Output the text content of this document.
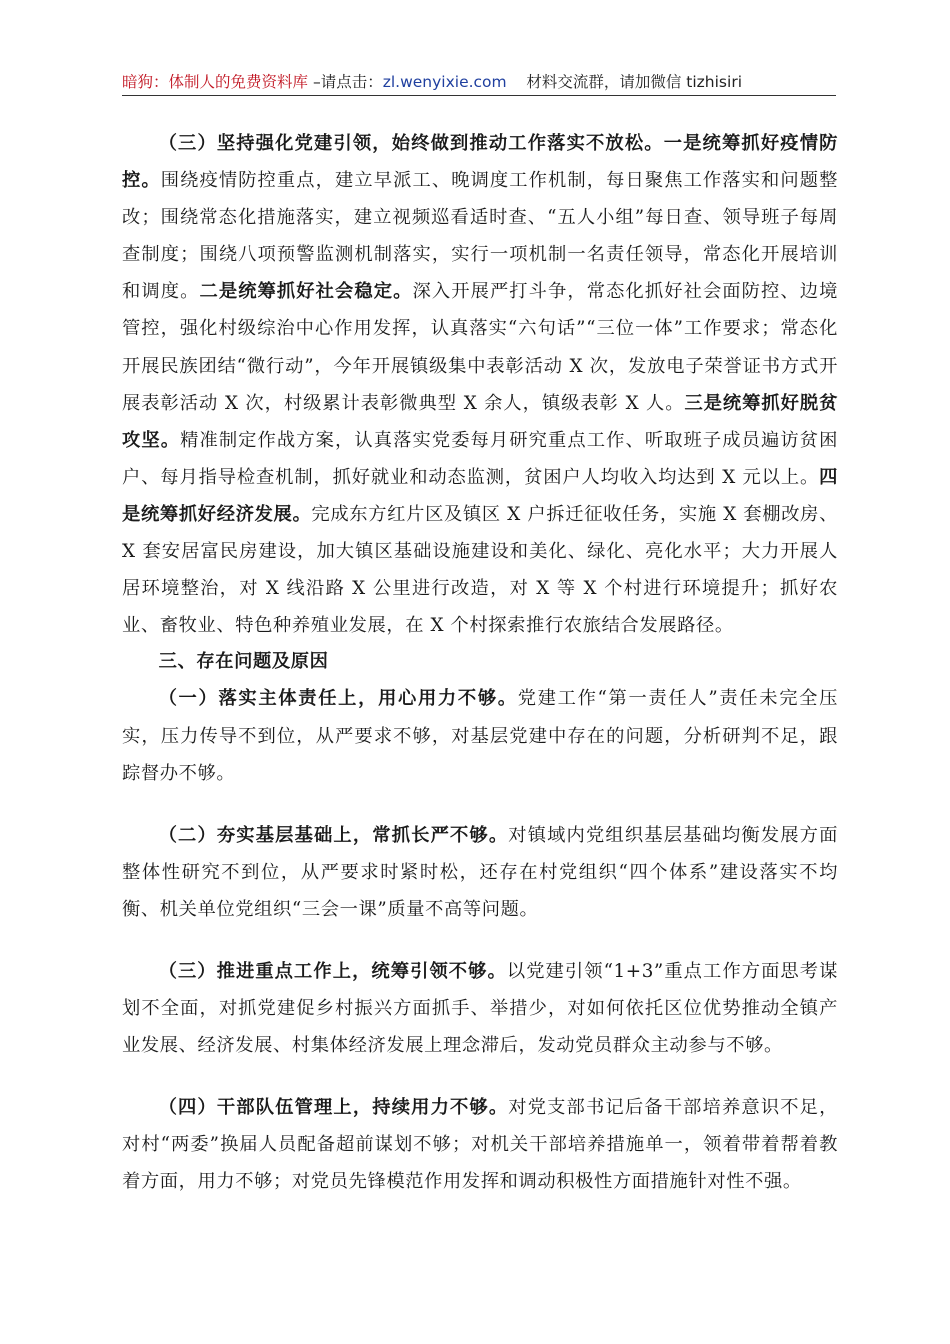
暗狗：体制人的免费资料库 –请点击：zl.wenyixie.com 材料交流群，请加微信 tizhisiri

（三）坚持强化党建引领，始终做到推动工作落实不放松。一是统筹抓好疫情防控。围绕疫情防控重点，建立早派工、晚调度工作机制，每日聚焦工作落实和问题整改；围绕常态化措施落实，建立视频巡看适时查、“五人小组”每日查、领导班子每周查制度；围绕八项预警监测机制落实，实行一项机制一名责任领导，常态化开展培训和调度。二是统筹抓好社会稳定。深入开展严打斗争，常态化抓好社会面防控、边境管控，强化村级综治中心作用发挥，认真落实“六句话”“三位一体”工作要求；常态化开展民族团结“微行动”，今年开展镇级集中表彰活动 X 次，发放电子荣誉证书方式开展表彰活动 X 次，村级累计表彰微典型 X 余人，镇级表彰 X 人。三是统筹抓好脱贫攻坚。精准制定作战方案，认真落实党委每月研究重点工作、听取班子成员遍访贫困户、每月指导检查机制，抓好就业和动态监测，贫困户人均收入均达到 X 元以上。四是统筹抓好经济发展。完成东方红片区及镇区 X 户拆迁征收任务，实施 X 套棚改房、X 套安居富民房建设，加大镇区基础设施建设和美化、绿化、亮化水平；大力开展人居环境整治，对 X 线沿路 X 公里进行改造，对 X 等 X 个村进行环境提升；抓好农业、畜牧业、特色种养殖业发展，在 X 个村探索推行农旅结合发展路径。

三、存在问题及原因

（一）落实主体责任上，用心用力不够。党建工作“第一责任人”责任未完全压实，压力传导不到位，从严要求不够，对基层党建中存在的问题，分析研判不足，跟踪督办不够。

（二）夯实基层基础上，常抓长严不够。对镇域内党组织基层基础均衡发展方面整体性研究不到位，从严要求时紧时松，还存在村党组织“四个体系”建设落实不均衡、机关单位党组织“三会一课”质量不高等问题。

（三）推进重点工作上，统筹引领不够。以党建引领“1+3”重点工作方面思考谋划不全面，对抓党建促乡村振兴方面抓手、举措少，对如何依托区位优势推动全镇产业发展、经济发展、村集体经济发展上理念滞后，发动党员群众主动参与不够。

（四）干部队伍管理上，持续用力不够。对党支部书记后备干部培养意识不足，对村“两委”换届人员配备超前谋划不够；对机关干部培养措施单一，领着带着帮着教着方面，用力不够；对党员先锋模范作用发挥和调动积极性方面措施针对性不强。
